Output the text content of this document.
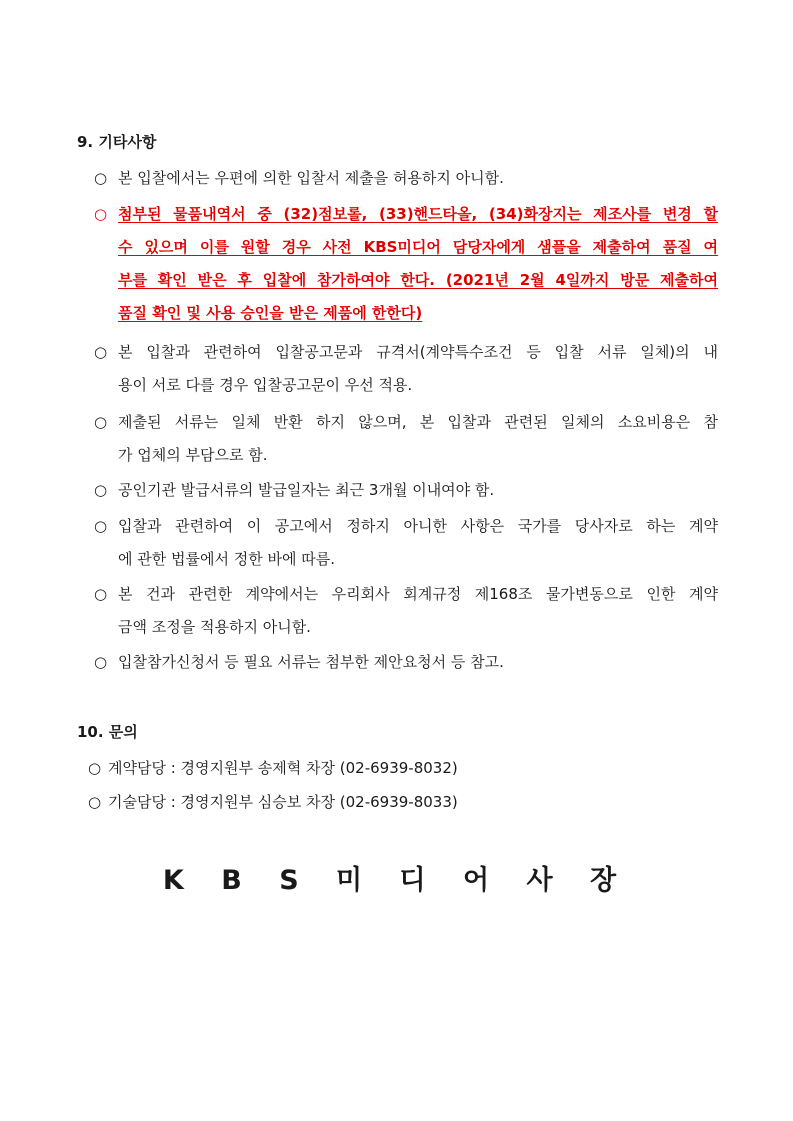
9. 기타사항
○ 본 입찰에서는 우편에 의한 입찰서 제출을 허용하지 아니함.
○ 첨부된 물품내역서 중 (32)점보롤, (33)핸드타올, (34)화장지는 제조사를 변경 할
수 있으며 이를 원할 경우 사전 KBS미디어 담당자에게 샘플을 제출하여 품질 여
부를 확인 받은 후 입찰에 참가하여야 한다. (2021년 2월 4일까지 방문 제출하여
품질 확인 및 사용 승인을 받은 제품에 한한다)
○ 본 입찰과 관련하여 입찰공고문과 규격서(계약특수조건 등 입찰 서류 일체)의 내
용이 서로 다를 경우 입찰공고문이 우선 적용.
○ 제출된 서류는 일체 반환 하지 않으며, 본 입찰과 관련된 일체의 소요비용은 참
가 업체의 부담으로 함.
○ 공인기관 발급서류의 발급일자는 최근 3개월 이내여야 함.
○ 입찰과 관련하여 이 공고에서 정하지 아니한 사항은 국가를 당사자로 하는 계약
에 관한 법률에서 정한 바에 따름.
○ 본 건과 관련한 계약에서는 우리회사 회계규정 제168조 물가변동으로 인한 계약
금액 조정을 적용하지 아니함.
○ 입찰참가신청서 등 필요 서류는 첨부한 제안요청서 등 참고.
10. 문의
○ 계약담당 : 경영지원부 송제혁 차장 (02-6939-8032)
○ 기술담당 : 경영지원부 심승보 차장 (02-6939-8033)
K B S 미 디 어 사 장
